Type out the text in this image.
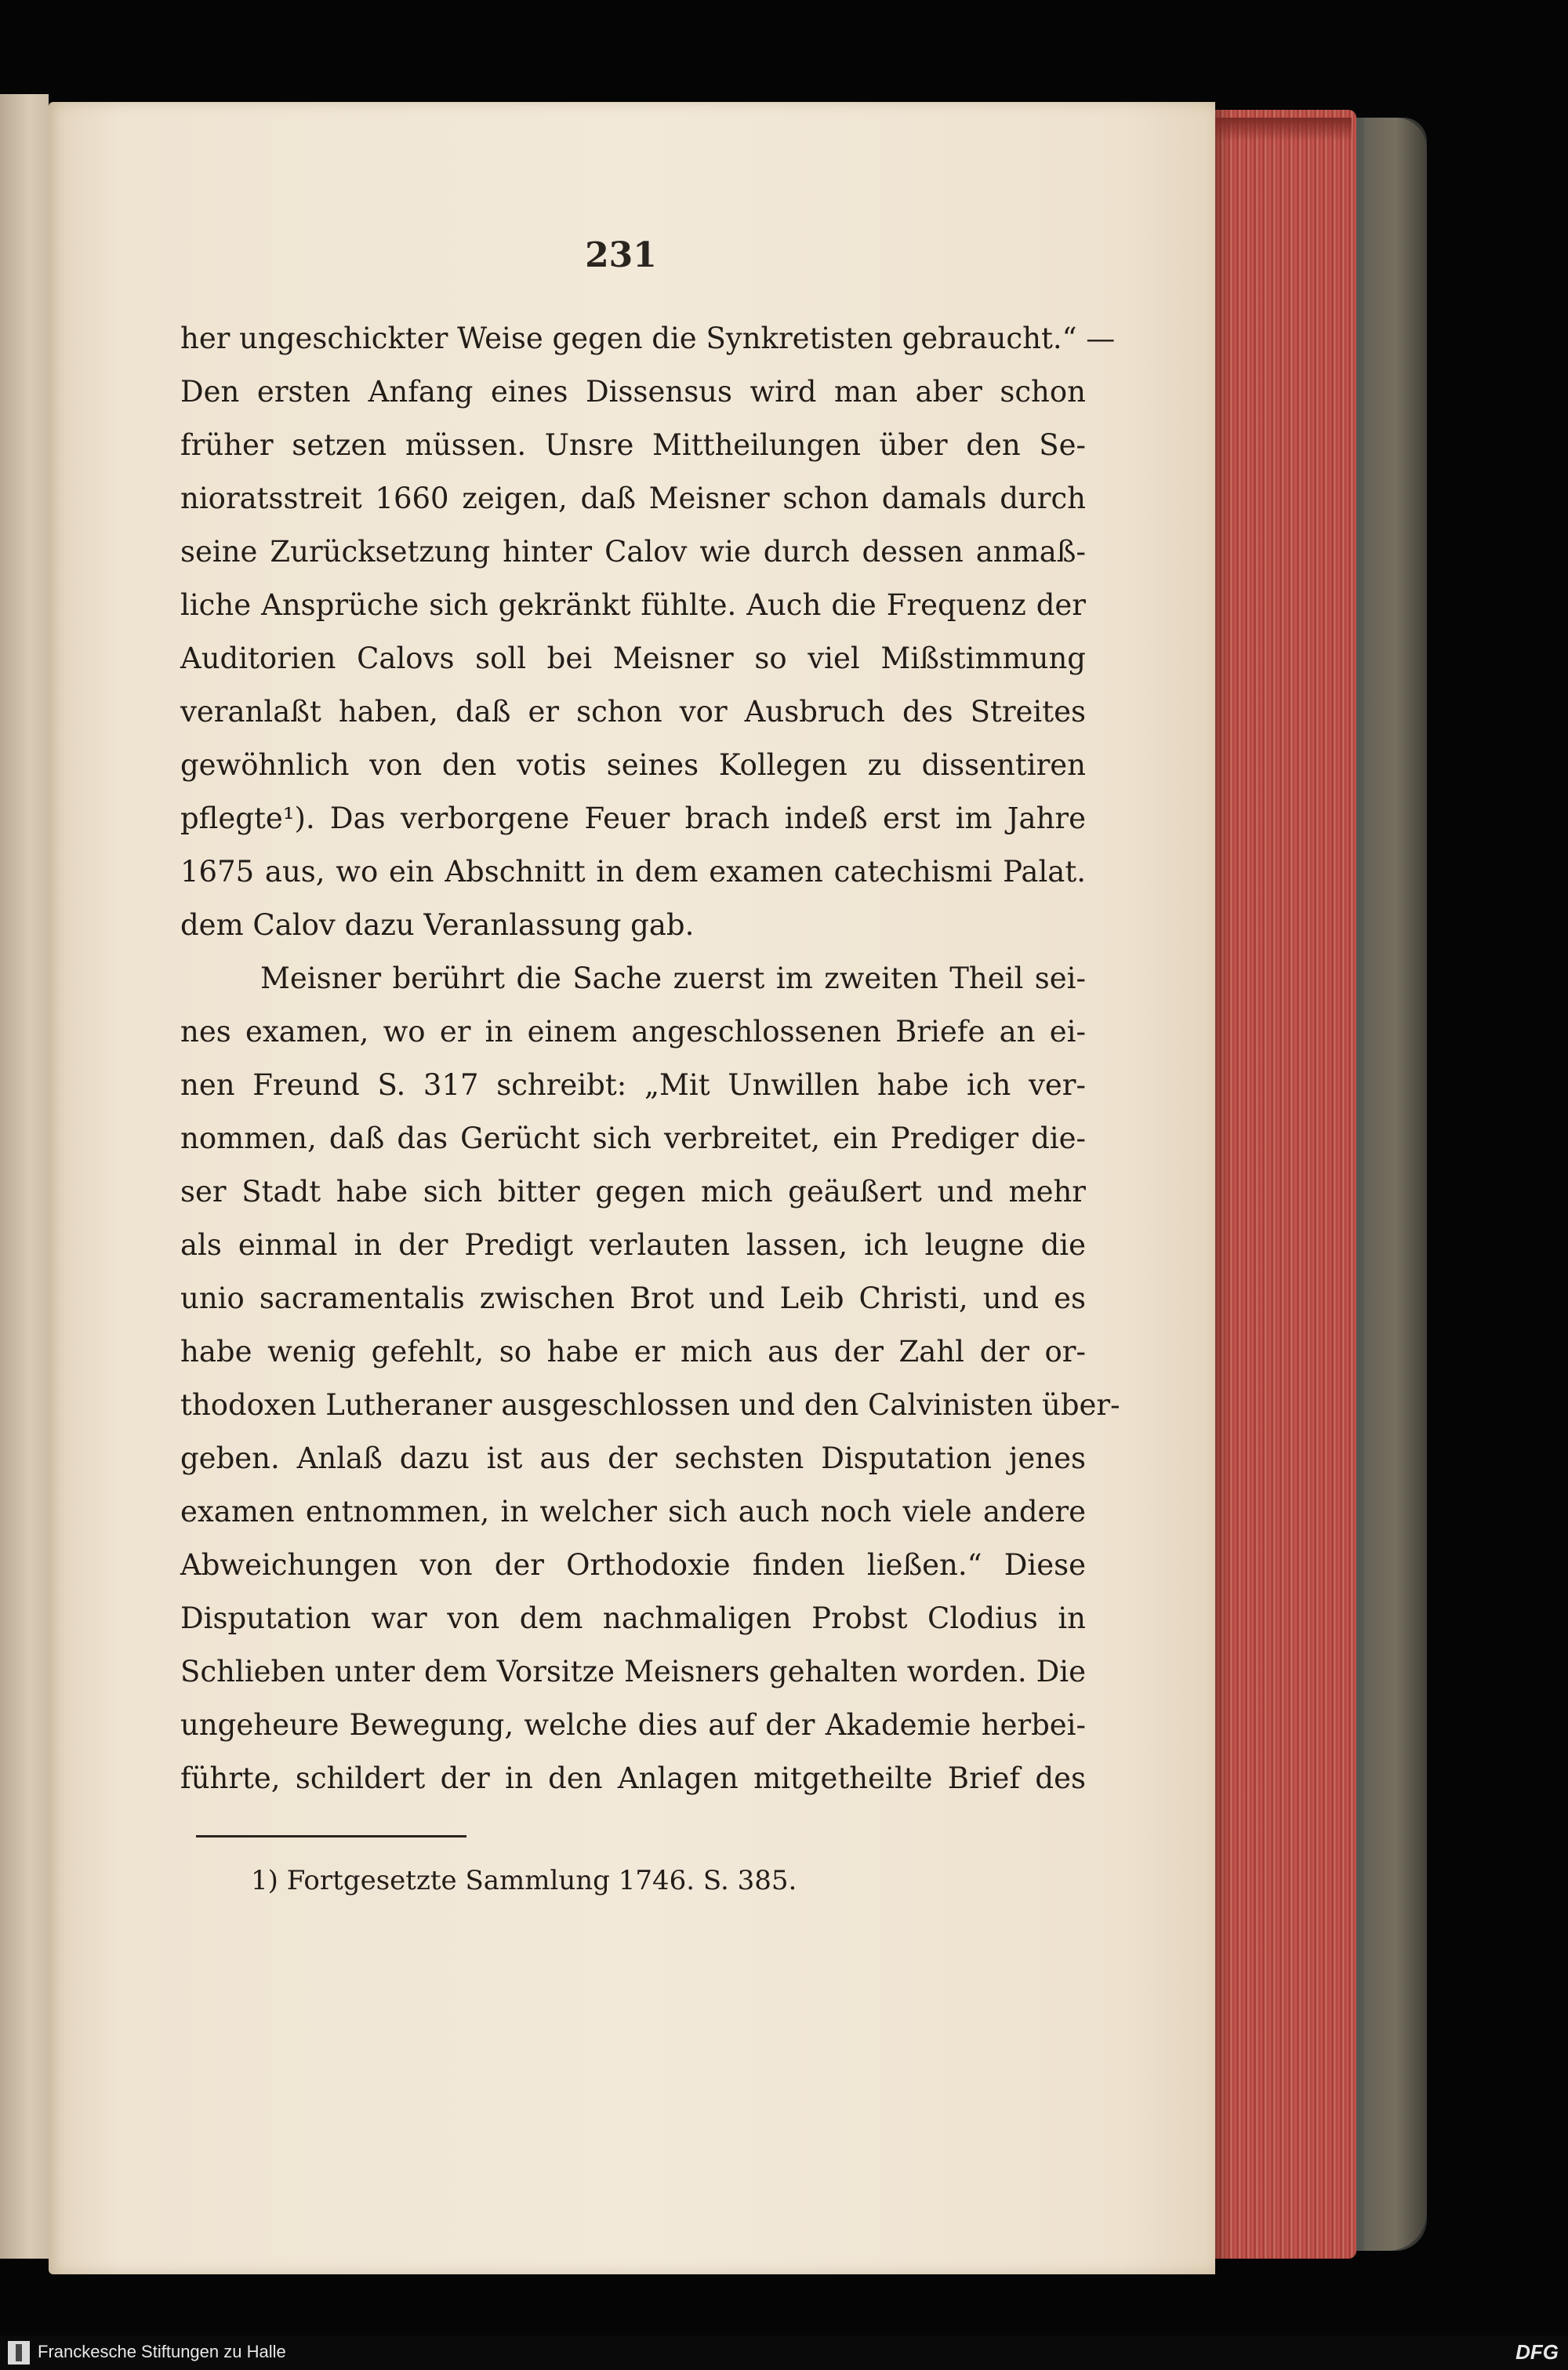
231
her ungeschickter Weise gegen die Synkretisten gebraucht.“ —
Den ersten Anfang eines Dissensus wird man aber schon
früher setzen müssen. Unsre Mittheilungen über den Se-
nioratsstreit 1660 zeigen, daß Meisner schon damals durch
seine Zurücksetzung hinter Calov wie durch dessen anmaß-
liche Ansprüche sich gekränkt fühlte. Auch die Frequenz der
Auditorien Calovs soll bei Meisner so viel Mißstimmung
veranlaßt haben, daß er schon vor Ausbruch des Streites
gewöhnlich von den votis seines Kollegen zu dissentiren
pflegte¹). Das verborgene Feuer brach indeß erst im Jahre
1675 aus, wo ein Abschnitt in dem examen catechismi Palat.
dem Calov dazu Veranlassung gab.
Meisner berührt die Sache zuerst im zweiten Theil sei-
nes examen, wo er in einem angeschlossenen Briefe an ei-
nen Freund S. 317 schreibt: „Mit Unwillen habe ich ver-
nommen, daß das Gerücht sich verbreitet, ein Prediger die-
ser Stadt habe sich bitter gegen mich geäußert und mehr
als einmal in der Predigt verlauten lassen, ich leugne die
unio sacramentalis zwischen Brot und Leib Christi, und es
habe wenig gefehlt, so habe er mich aus der Zahl der or-
thodoxen Lutheraner ausgeschlossen und den Calvinisten über-
geben. Anlaß dazu ist aus der sechsten Disputation jenes
examen entnommen, in welcher sich auch noch viele andere
Abweichungen von der Orthodoxie finden ließen.“ Diese
Disputation war von dem nachmaligen Probst Clodius in
Schlieben unter dem Vorsitze Meisners gehalten worden. Die
ungeheure Bewegung, welche dies auf der Akademie herbei-
führte, schildert der in den Anlagen mitgetheilte Brief des
1) Fortgesetzte Sammlung 1746. S. 385.
Franckesche Stiftungen zu Halle	DFG
